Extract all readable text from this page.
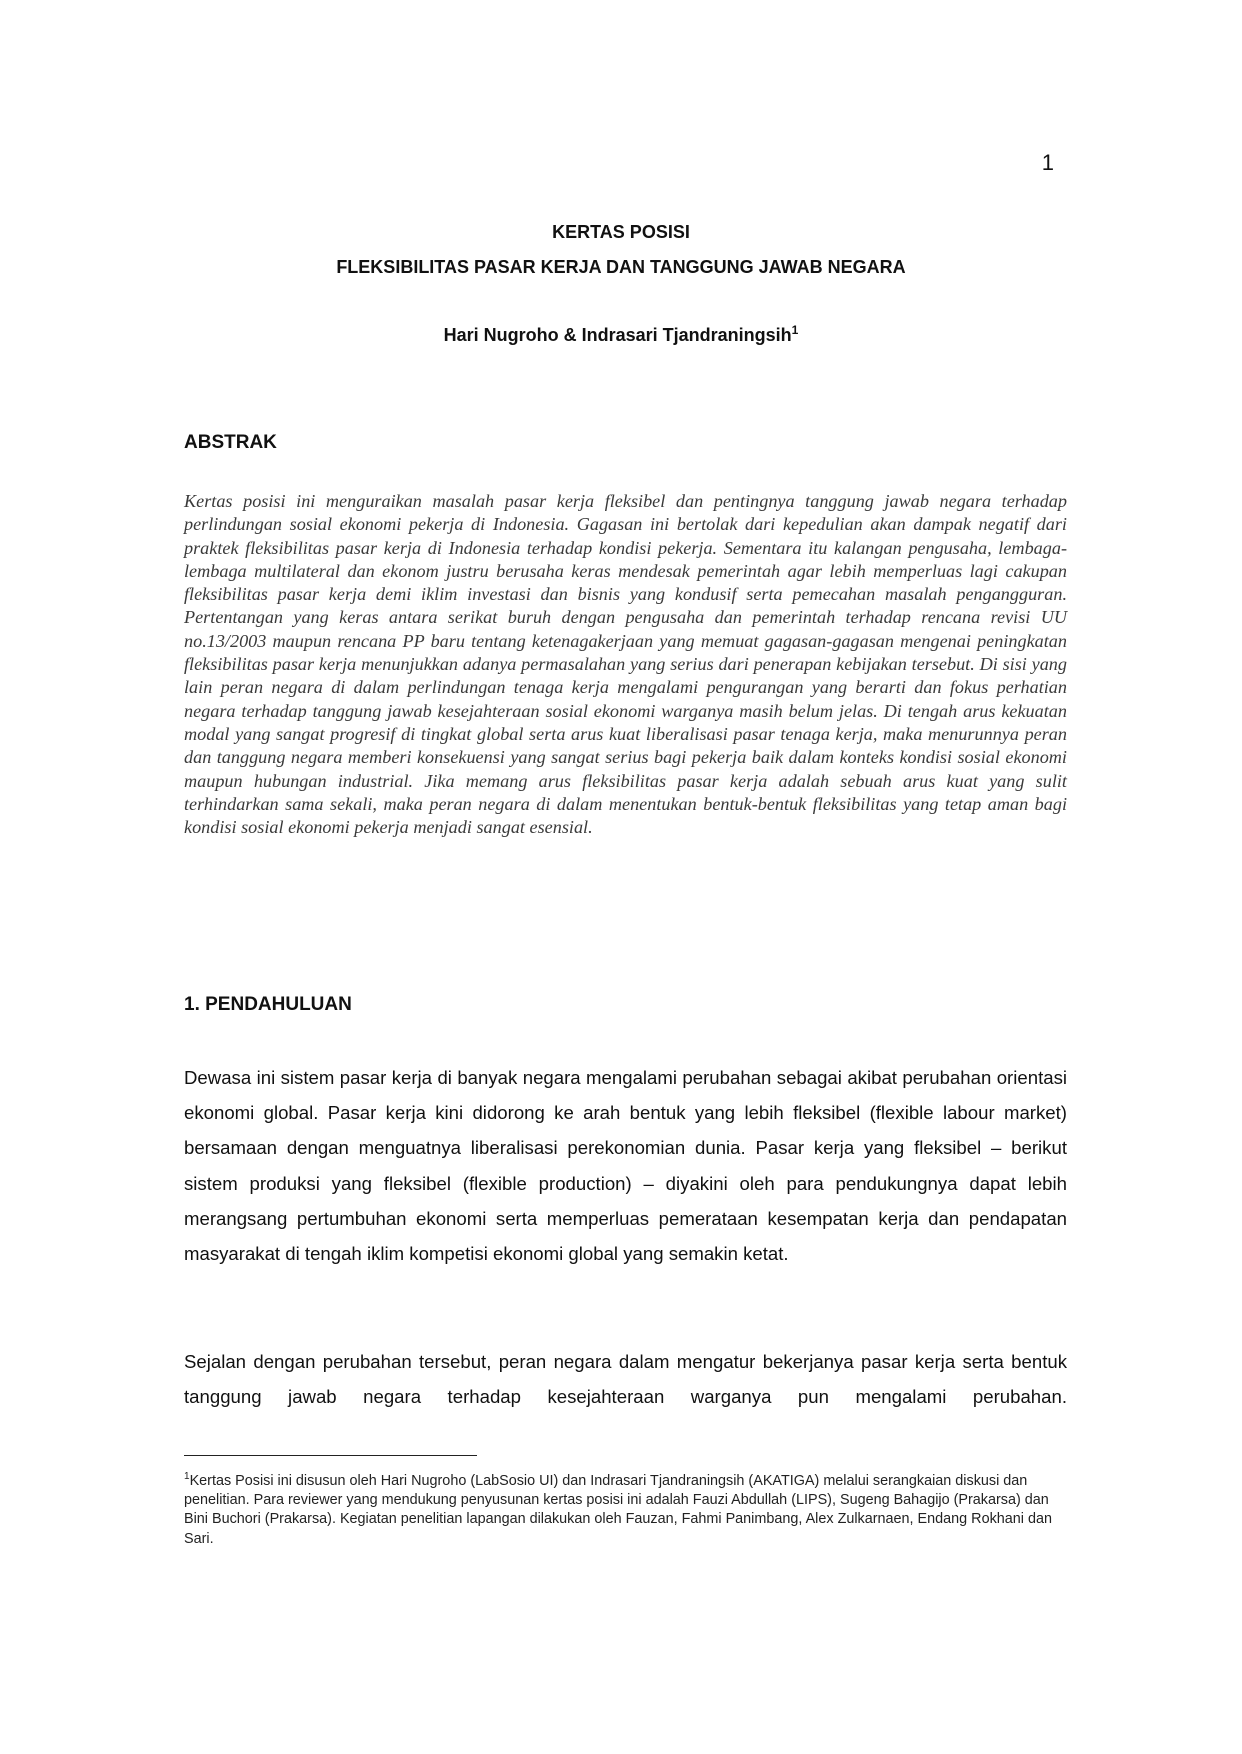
1
KERTAS POSISI
FLEKSIBILITAS PASAR KERJA DAN TANGGUNG JAWAB NEGARA
Hari Nugroho & Indrasari Tjandraningsih$^1$
ABSTRAK
Kertas posisi ini menguraikan masalah pasar kerja fleksibel dan pentingnya tanggung jawab negara terhadap perlindungan sosial ekonomi pekerja di Indonesia. Gagasan ini bertolak dari kepedulian akan dampak negatif dari praktek fleksibilitas pasar kerja di Indonesia terhadap kondisi pekerja. Sementara itu kalangan pengusaha, lembaga-lembaga multilateral dan ekonom justru berusaha keras mendesak pemerintah agar lebih memperluas lagi cakupan fleksibilitas pasar kerja demi iklim investasi dan bisnis yang kondusif serta pemecahan masalah pengangguran. Pertentangan yang keras antara serikat buruh dengan pengusaha dan pemerintah terhadap rencana revisi UU no.13/2003 maupun rencana PP baru tentang ketenagakerjaan yang memuat gagasan-gagasan mengenai peningkatan fleksibilitas pasar kerja menunjukkan adanya permasalahan yang serius dari penerapan kebijakan tersebut. Di sisi yang lain peran negara di dalam perlindungan tenaga kerja mengalami pengurangan yang berarti dan fokus perhatian negara terhadap tanggung jawab kesejahteraan sosial ekonomi warganya masih belum jelas. Di tengah arus kekuatan modal yang sangat progresif di tingkat global serta arus kuat liberalisasi pasar tenaga kerja, maka menurunnya peran dan tanggung negara memberi konsekuensi yang sangat serius bagi pekerja baik dalam konteks kondisi sosial ekonomi maupun hubungan industrial. Jika memang arus fleksibilitas pasar kerja adalah sebuah arus kuat yang sulit terhindarkan sama sekali, maka peran negara di dalam menentukan bentuk-bentuk fleksibilitas yang tetap aman bagi kondisi sosial ekonomi pekerja menjadi sangat esensial.
1. PENDAHULUAN
Dewasa ini sistem pasar kerja di banyak negara mengalami perubahan sebagai akibat perubahan orientasi ekonomi global. Pasar kerja kini didorong ke arah bentuk yang lebih fleksibel (flexible labour market) bersamaan dengan menguatnya liberalisasi perekonomian dunia. Pasar kerja yang fleksibel – berikut sistem produksi yang fleksibel (flexible production) – diyakini oleh para pendukungnya dapat lebih merangsang pertumbuhan ekonomi serta memperluas pemerataan kesempatan kerja dan pendapatan masyarakat di tengah iklim kompetisi ekonomi global yang semakin ketat.
Sejalan dengan perubahan tersebut, peran negara dalam mengatur bekerjanya pasar kerja serta bentuk tanggung jawab negara terhadap kesejahteraan warganya pun mengalami perubahan.
$^1$Kertas Posisi ini disusun oleh Hari Nugroho (LabSosio UI) dan Indrasari Tjandraningsih (AKATIGA) melalui serangkaian diskusi dan penelitian. Para reviewer yang mendukung penyusunan kertas posisi ini adalah Fauzi Abdullah (LIPS), Sugeng Bahagijo (Prakarsa) dan Bini Buchori (Prakarsa). Kegiatan penelitian lapangan dilakukan oleh Fauzan, Fahmi Panimbang, Alex Zulkarnaen, Endang Rokhani dan Sari.
